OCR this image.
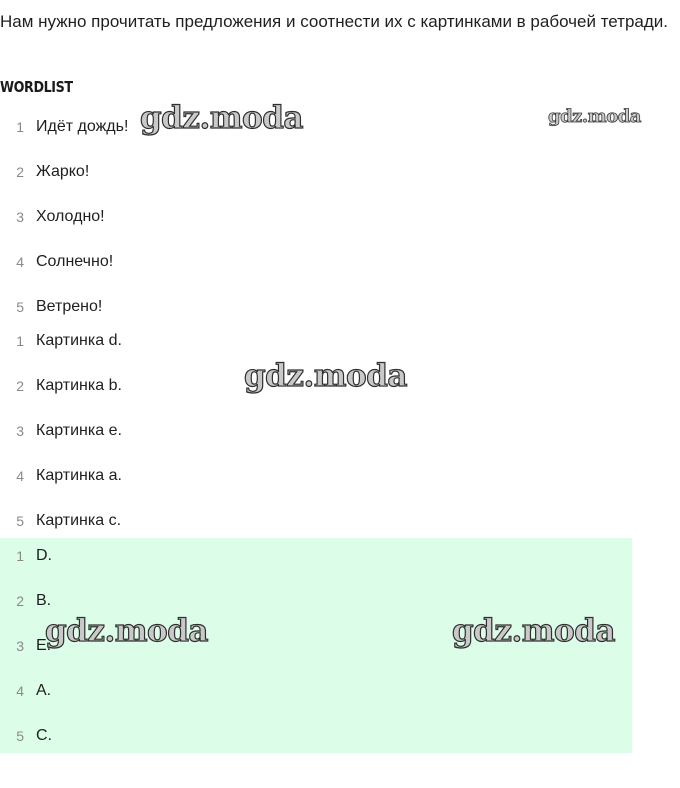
Нам нужно прочитать предложения и соотнести их с картинками в рабочей тетради.

WORDLIST
1 Идёт дождь!
2 Жарко!
3 Холодно!
4 Солнечно!
5 Ветрено!
1 Картинка d.
2 Картинка b.
3 Картинка e.
4 Картинка a.
5 Картинка c.
1 D.
2 B.
3 E.
4 A.
5 C.
gdz.moda	gdz.moda
gdz.moda
gdz.moda	gdz.moda
